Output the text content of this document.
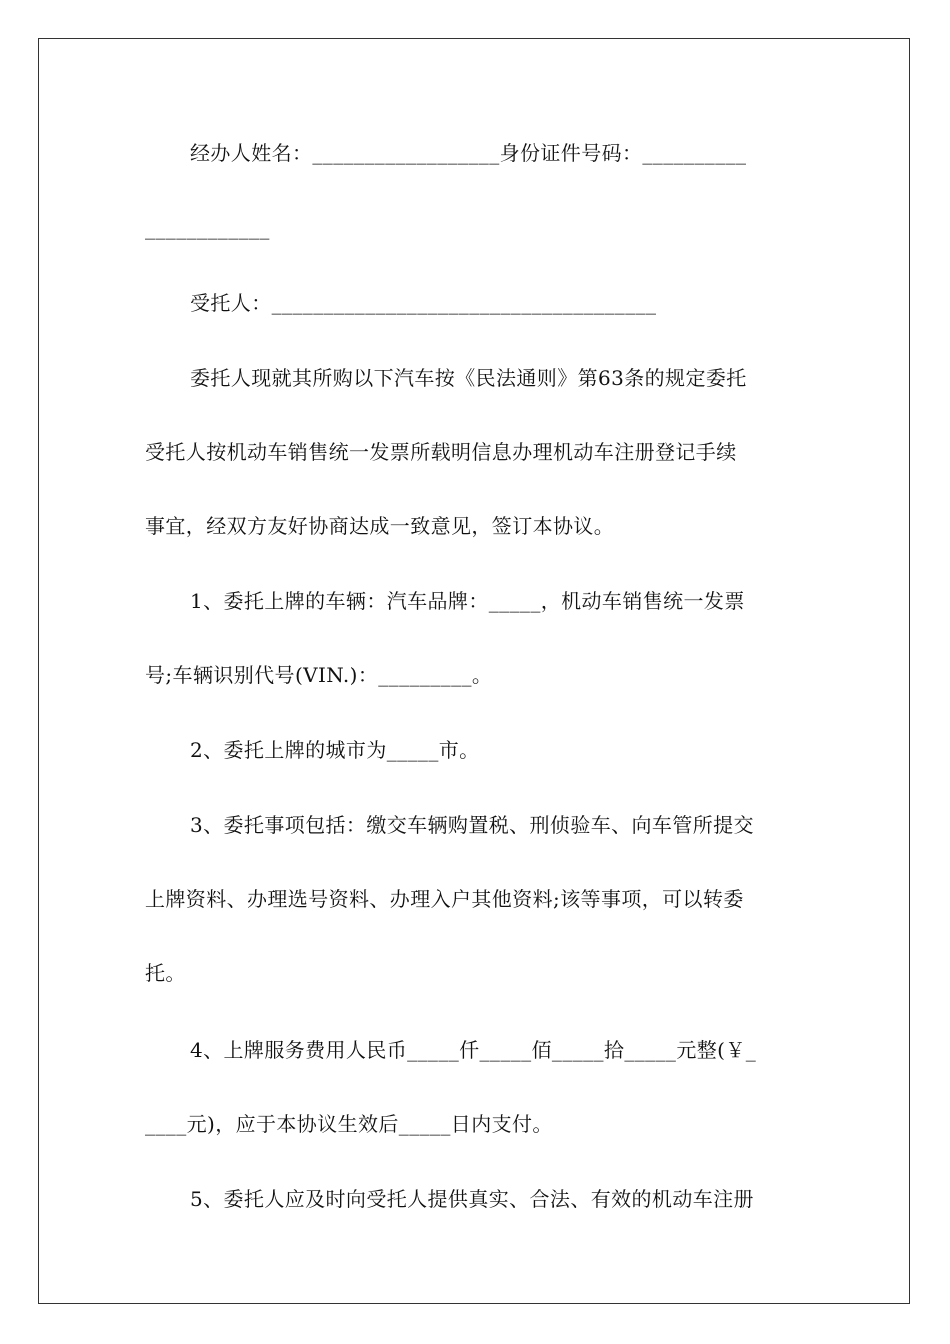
经办人姓名：__________________身份证件号码：__________
____________
受托人：_____________________________________
委托人现就其所购以下汽车按《民法通则》第63条的规定委托
受托人按机动车销售统一发票所载明信息办理机动车注册登记手续
事宜，经双方友好协商达成一致意见，签订本协议。
1、委托上牌的车辆：汽车品牌：_____，机动车销售统一发票
号;车辆识别代号(VIN.)：_________。
2、委托上牌的城市为_____市。
3、委托事项包括：缴交车辆购置税、刑侦验车、向车管所提交
上牌资料、办理选号资料、办理入户其他资料;该等事项，可以转委
托。
4、上牌服务费用人民币_____仟_____佰_____拾_____元整(￥_
____元)，应于本协议生效后_____日内支付。
5、委托人应及时向受托人提供真实、合法、有效的机动车注册
